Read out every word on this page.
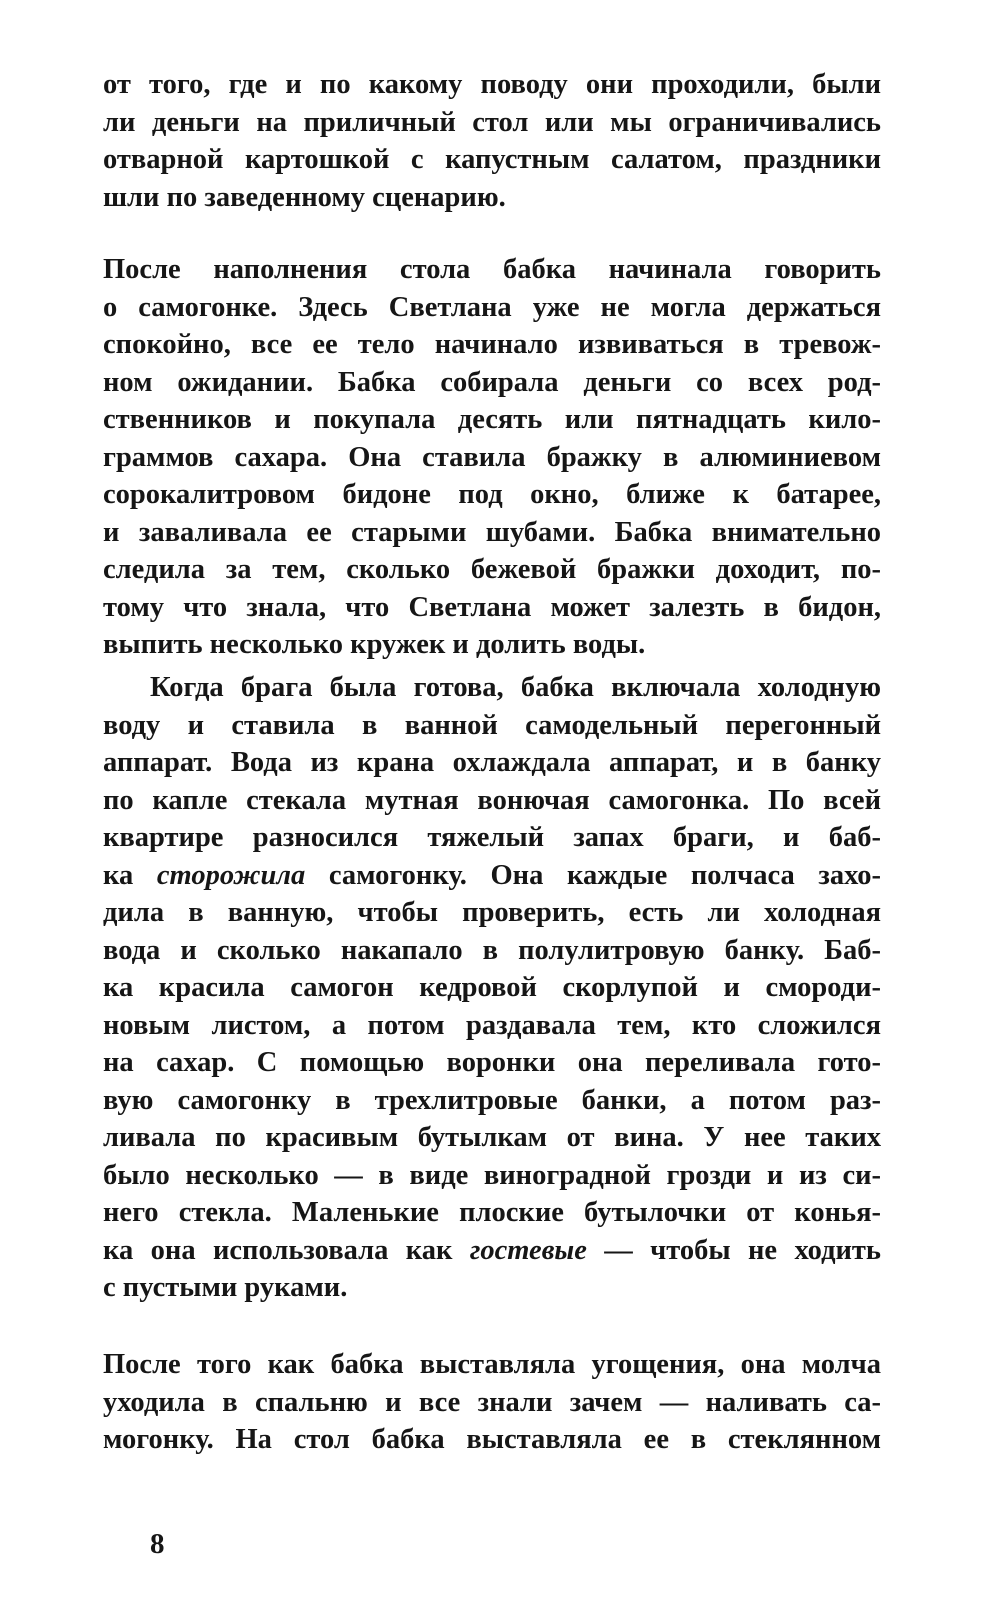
8
от того, где и по какому поводу они проходили, были
ли деньги на приличный стол или мы ограничивались
отварной картошкой с капустным салатом, праздники
шли по заведенному сценарию.
После наполнения стола бабка начинала говорить
о самогонке. Здесь Светлана уже не могла держаться
спокойно, все ее тело начинало извиваться в тревож-
ном ожидании. Бабка собирала деньги со всех род-
ственников и покупала десять или пятнадцать кило-
граммов сахара. Она ставила бражку в алюминиевом
сорокалитровом бидоне под окно, ближе к батарее,
и заваливала ее старыми шубами. Бабка внимательно
следила за тем, сколько бежевой бражки доходит, по-
тому что знала, что Светлана может залезть в бидон,
выпить несколько кружек и долить воды.
Когда брага была готова, бабка включала холодную
воду и ставила в ванной самодельный перегонный
аппарат. Вода из крана охлаждала аппарат, и в банку
по капле стекала мутная вонючая самогонка. По всей
квартире разносился тяжелый запах браги, и баб-
ка сторожила самогонку. Она каждые полчаса захо-
дила в ванную, чтобы проверить, есть ли холодная
вода и сколько накапало в полулитровую банку. Баб-
ка красила самогон кедровой скорлупой и смороди-
новым листом, а потом раздавала тем, кто сложился
на сахар. С помощью воронки она переливала гото-
вую самогонку в трехлитровые банки, а потом раз-
ливала по красивым бутылкам от вина. У нее таких
было несколько — в виде виноградной грозди и из си-
него стекла. Маленькие плоские бутылочки от конья-
ка она использовала как гостевые — чтобы не ходить
с пустыми руками.
После того как бабка выставляла угощения, она молча
уходила в спальню и все знали зачем — наливать са-
могонку. На стол бабка выставляла ее в стеклянном
